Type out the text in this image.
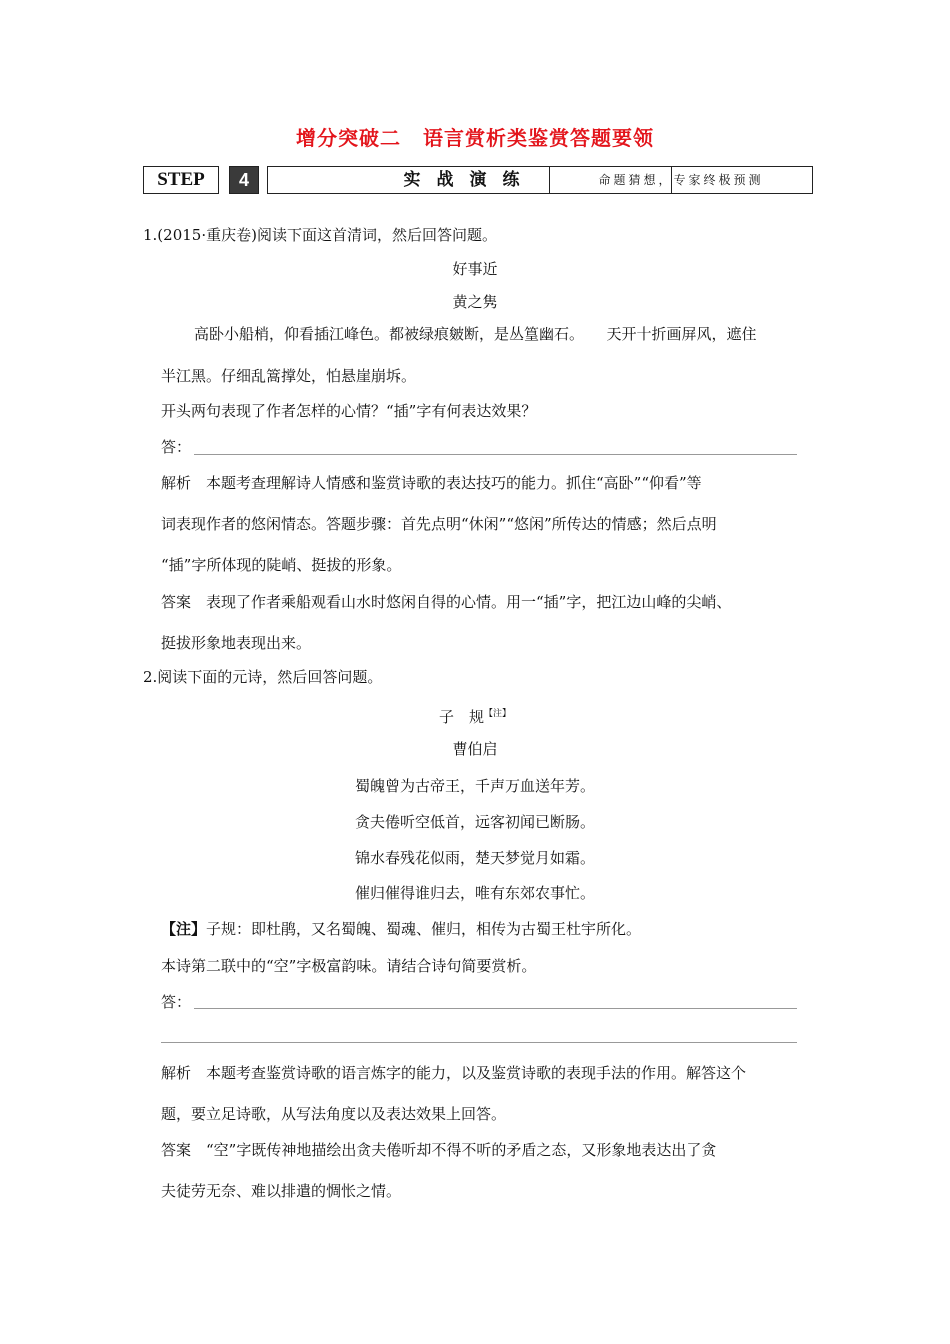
增分突破二 语言赏析类鉴赏答题要领
STEP	4	实战演练	命题猜想，专家终极预测
1.(2015·重庆卷)阅读下面这首清词，然后回答问题。
好事近
黄之隽
高卧小船梢，仰看插江峰色。都被绿痕皴断，是丛篁幽石。　　天开十折画屏风，遮住
半江黑。仔细乱篙撑处，怕悬崖崩坼。
开头两句表现了作者怎样的心情？“插”字有何表达效果？
答：
解析　本题考查理解诗人情感和鉴赏诗歌的表达技巧的能力。抓住“高卧”“仰看”等
词表现作者的悠闲情态。答题步骤：首先点明“休闲”“悠闲”所传达的情感；然后点明
“插”字所体现的陡峭、挺拔的形象。
答案　表现了作者乘船观看山水时悠闲自得的心情。用一“插”字，把江边山峰的尖峭、
挺拔形象地表现出来。
2.阅读下面的元诗，然后回答问题。
子　规$^{【注】}$
曹伯启
蜀魄曾为古帝王，千声万血送年芳。
贪夫倦听空低首，远客初闻已断肠。
锦水春残花似雨，楚天梦觉月如霜。
催归催得谁归去，唯有东郊农事忙。
【注】子规：即杜鹃，又名蜀魄、蜀魂、催归，相传为古蜀王杜宇所化。
本诗第二联中的“空”字极富韵味。请结合诗句简要赏析。
答：
解析　本题考查鉴赏诗歌的语言炼字的能力，以及鉴赏诗歌的表现手法的作用。解答这个
题，要立足诗歌，从写法角度以及表达效果上回答。
答案　“空”字既传神地描绘出贪夫倦听却不得不听的矛盾之态，又形象地表达出了贪
夫徒劳无奈、难以排遣的惆怅之情。
